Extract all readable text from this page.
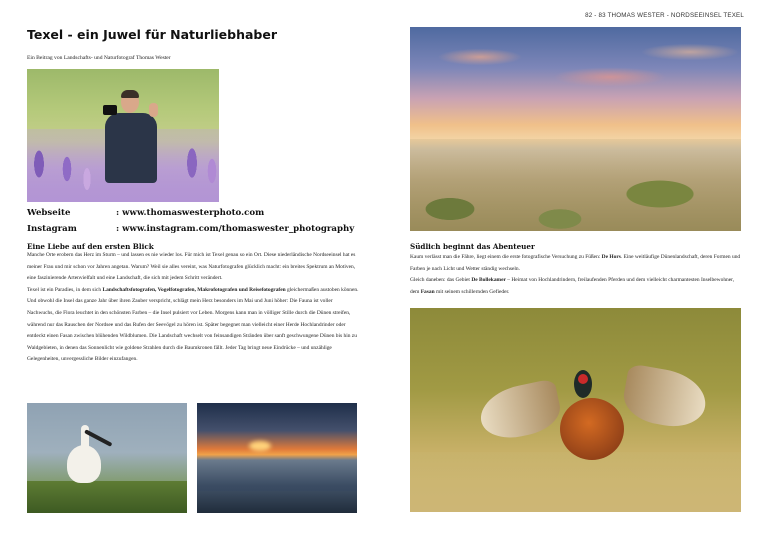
82 - 83 THOMAS WESTER - NORDSEEINSEL TEXEL
Texel - ein Juwel für Naturliebhaber
Ein Beitrag von Landschafts- und Naturfotograf Thomas Wester
Webseite	: www.thomaswesterphoto.com
Instagram	: www.instagram.com/thomaswester_photography
Eine Liebe auf den ersten Blick
Manche Orte erobern das Herz im Sturm – und lassen es nie wieder los. Für mich ist Texel genau so ein Ort. Diese niederländische Nordseeinsel hat es meiner Frau und mir schon vor Jahren angetan. Warum? Weil sie alles vereint, was Naturfotografen glücklich macht: ein breites Spektrum an Motiven, eine faszinierende Artenvielfalt und eine Landschaft, die sich mit jedem Schritt verändert.
Texel ist ein Paradies, in dem sich Landschaftsfotografen, Vogelfotografen, Makrofotografen und Reisefotografen gleichermaßen austoben können. Und obwohl die Insel das ganze Jahr über ihren Zauber verspricht, schlägt mein Herz besonders im Mai und Juni höher: Die Fauna ist voller Nachwuchs, die Flora leuchtet in den schönsten Farben – die Insel pulsiert vor Leben. Morgens kann man in völliger Stille durch die Dünen streifen, während nur das Rauschen der Nordsee und das Rufen der Seevögel zu hören ist. Später begegnet man vielleicht einer Herde Hochlandrinder oder entdeckt einen Fasan zwischen blühenden Wildblumen. Die Landschaft wechselt von feinsandigen Stränden über sanft geschwungene Dünen bis hin zu Waldgebieten, in denen das Sonnenlicht wie goldene Strahlen durch die Baumkronen fällt. Jeder Tag bringt neue Eindrücke – und unzählige Gelegenheiten, unvergessliche Bilder einzufangen.
Südlich beginnt das Abenteuer
Kaum verlässt man die Fähre, liegt einem die erste fotografische Versuchung zu Füßen: De Hors. Eine weitläufige Dünenlandschaft, deren Formen und Farben je nach Licht und Wetter ständig wechseln.
Gleich daneben: das Gebiet De Bollekamer – Heimat von Hochlandrindern, freilaufenden Pferden und dem vielleicht charmantesten Inselbewohner, dem Fasan mit seinem schillernden Gefieder.
